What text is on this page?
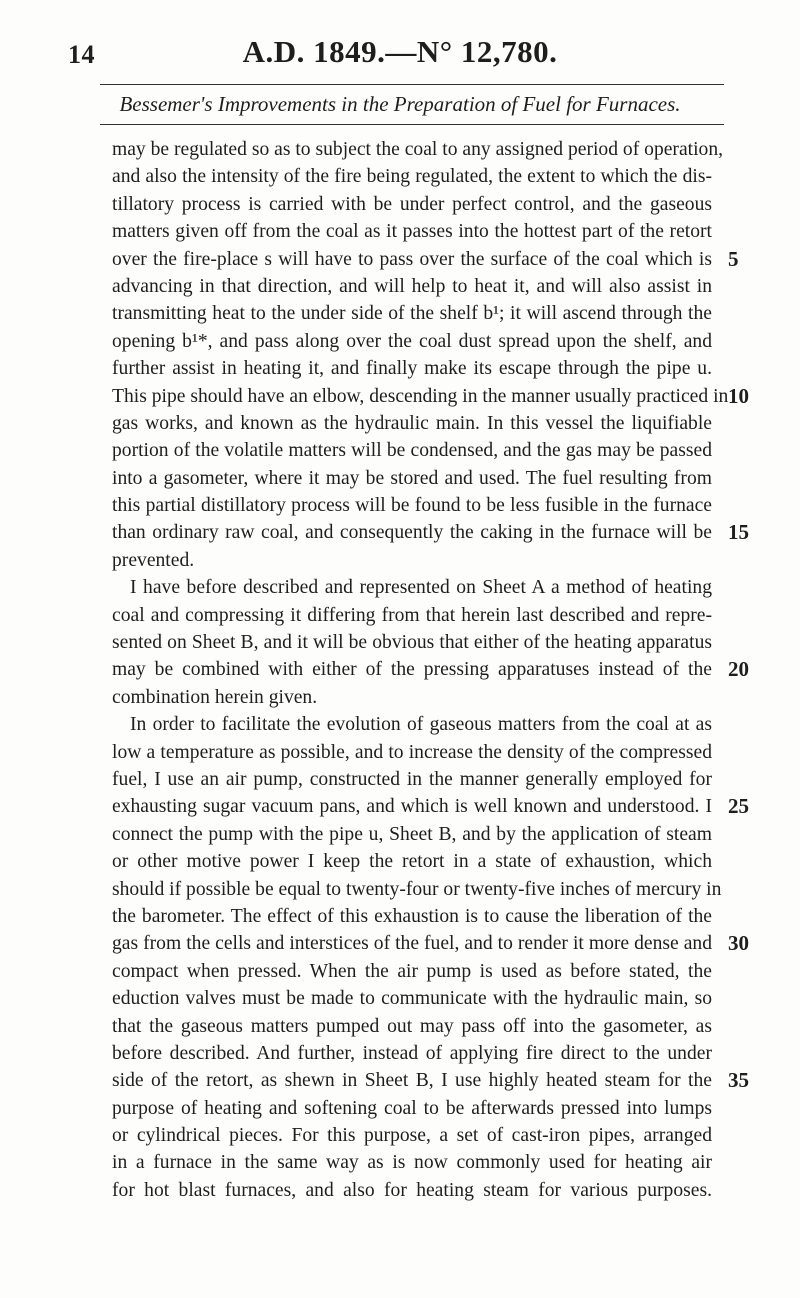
14	A.D. 1849.—N° 12,780.
Bessemer's Improvements in the Preparation of Fuel for Furnaces.
may be regulated so as to subject the coal to any assigned period of operation,
and also the intensity of the fire being regulated, the extent to which the dis-
tillatory process is carried with be under perfect control, and the gaseous
matters given off from the coal as it passes into the hottest part of the retort
over the fire-place s will have to pass over the surface of the coal which is 5
advancing in that direction, and will help to heat it, and will also assist in
transmitting heat to the under side of the shelf b¹; it will ascend through the
opening b¹*, and pass along over the coal dust spread upon the shelf, and
further assist in heating it, and finally make its escape through the pipe u.
This pipe should have an elbow, descending in the manner usually practiced in 10
gas works, and known as the hydraulic main. In this vessel the liquifiable
portion of the volatile matters will be condensed, and the gas may be passed
into a gasometer, where it may be stored and used. The fuel resulting from
this partial distillatory process will be found to be less fusible in the furnace
than ordinary raw coal, and consequently the caking in the furnace will be 15
prevented.
I have before described and represented on Sheet A a method of heating
coal and compressing it differing from that herein last described and repre-
sented on Sheet B, and it will be obvious that either of the heating apparatus
may be combined with either of the pressing apparatuses instead of the 20
combination herein given.
In order to facilitate the evolution of gaseous matters from the coal at as
low a temperature as possible, and to increase the density of the compressed
fuel, I use an air pump, constructed in the manner generally employed for
exhausting sugar vacuum pans, and which is well known and understood. I 25
connect the pump with the pipe u, Sheet B, and by the application of steam
or other motive power I keep the retort in a state of exhaustion, which
should if possible be equal to twenty-four or twenty-five inches of mercury in
the barometer. The effect of this exhaustion is to cause the liberation of the
gas from the cells and interstices of the fuel, and to render it more dense and 30
compact when pressed. When the air pump is used as before stated, the
eduction valves must be made to communicate with the hydraulic main, so
that the gaseous matters pumped out may pass off into the gasometer, as
before described. And further, instead of applying fire direct to the under
side of the retort, as shewn in Sheet B, I use highly heated steam for the 35
purpose of heating and softening coal to be afterwards pressed into lumps
or cylindrical pieces. For this purpose, a set of cast-iron pipes, arranged
in a furnace in the same way as is now commonly used for heating air
for hot blast furnaces, and also for heating steam for various purposes.
